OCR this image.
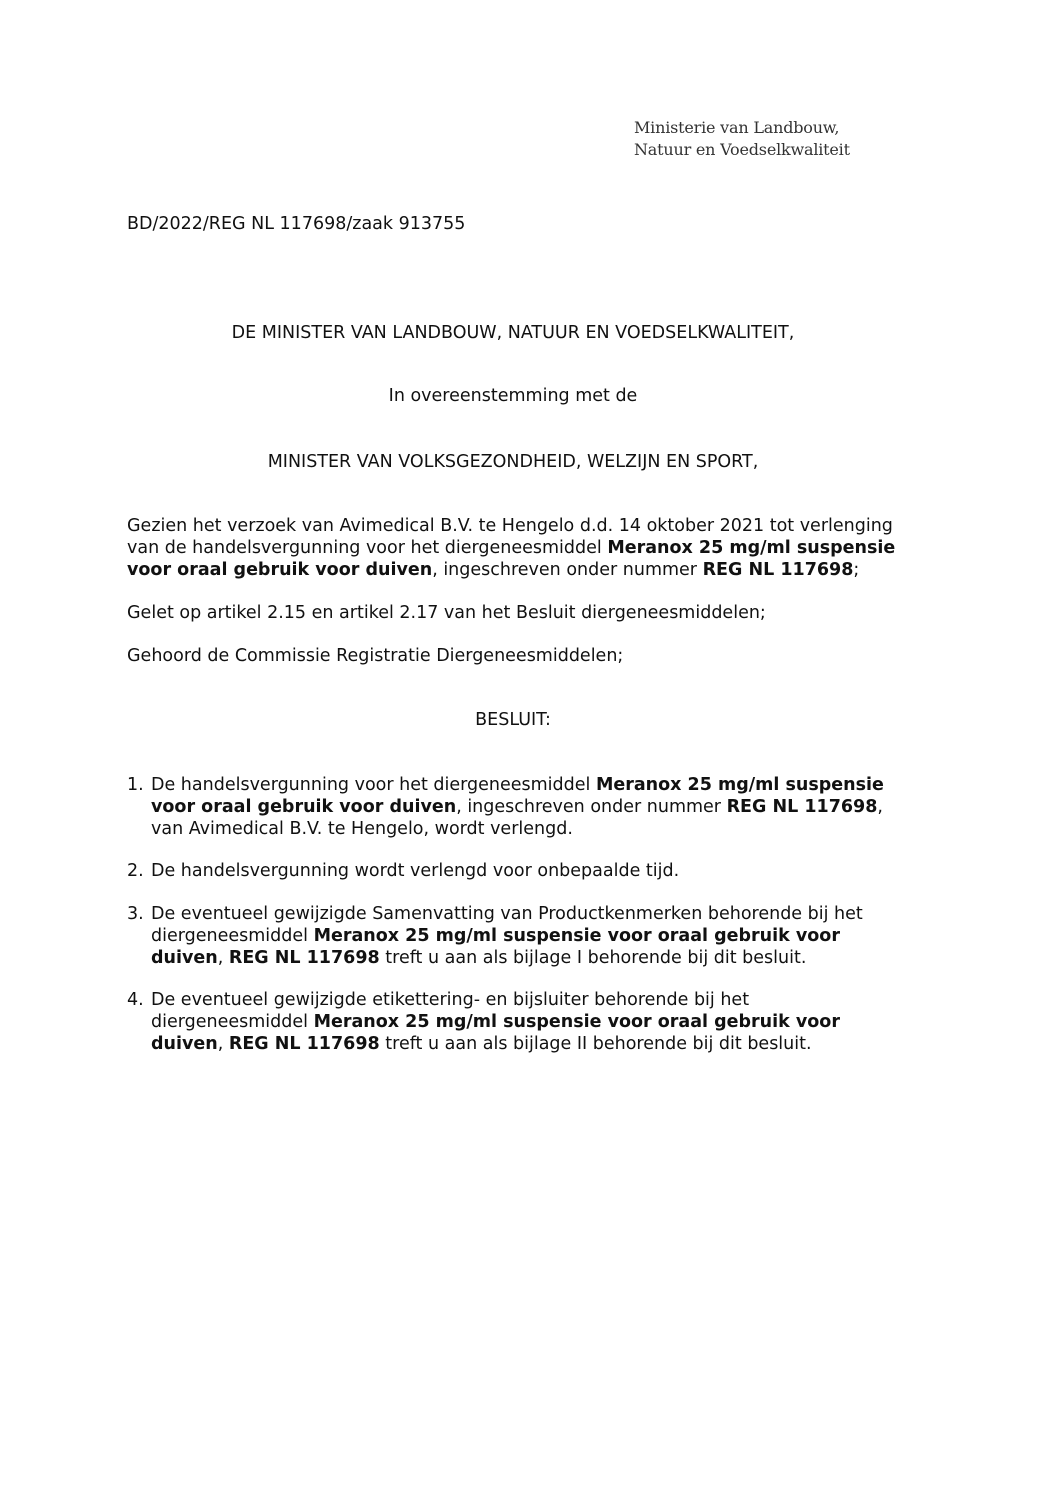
Ministerie van Landbouw,
Natuur en Voedselkwaliteit
BD/2022/REG NL 117698/zaak 913755
DE MINISTER VAN LANDBOUW, NATUUR EN VOEDSELKWALITEIT,
In overeenstemming met de
MINISTER VAN VOLKSGEZONDHEID, WELZIJN EN SPORT,
Gezien het verzoek van Avimedical B.V. te Hengelo d.d. 14 oktober 2021 tot verlenging
van de handelsvergunning voor het diergeneesmiddel Meranox 25 mg/ml suspensie
voor oraal gebruik voor duiven, ingeschreven onder nummer REG NL 117698;
Gelet op artikel 2.15 en artikel 2.17 van het Besluit diergeneesmiddelen;
Gehoord de Commissie Registratie Diergeneesmiddelen;
BESLUIT:
1. De handelsvergunning voor het diergeneesmiddel Meranox 25 mg/ml suspensie
voor oraal gebruik voor duiven, ingeschreven onder nummer REG NL 117698,
van Avimedical B.V. te Hengelo, wordt verlengd.
2. De handelsvergunning wordt verlengd voor onbepaalde tijd.
3. De eventueel gewijzigde Samenvatting van Productkenmerken behorende bij het
diergeneesmiddel Meranox 25 mg/ml suspensie voor oraal gebruik voor
duiven, REG NL 117698 treft u aan als bijlage I behorende bij dit besluit.
4. De eventueel gewijzigde etikettering- en bijsluiter behorende bij het
diergeneesmiddel Meranox 25 mg/ml suspensie voor oraal gebruik voor
duiven, REG NL 117698 treft u aan als bijlage II behorende bij dit besluit.
